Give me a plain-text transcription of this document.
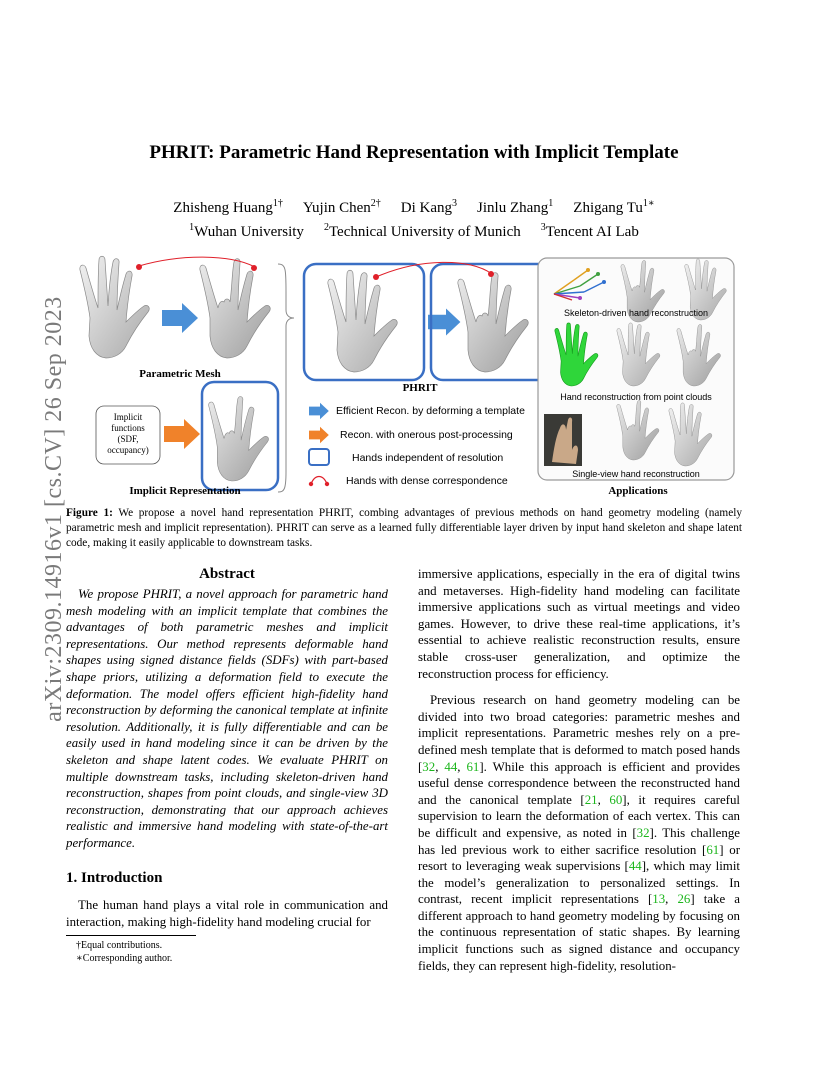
arXiv:2309.14916v1 [cs.CV] 26 Sep 2023
PHRIT: Parametric Hand Representation with Implicit Template
Zhisheng Huang$^{1\dagger}$ Yujin Chen$^{2\dagger}$ Di Kang$^3$ Jinlu Zhang$^1$ Zhigang $Tu^{1∗}$
$^1$Wuhan University $^2$Technical University of Munich $^3$Tencent AI Lab
Parametric Mesh
Implicit
functions
(SDF,
occupancy)
Implicit Representation
PHRIT
Efficient Recon. by deforming a template
Recon. with onerous post-processing
Hands independent of resolution
Hands with dense correspondence
Skeleton-driven hand reconstruction
Hand reconstruction from point clouds
Single-view hand reconstruction
Applications
Figure 1: We propose a novel hand representation PHRIT, combing advantages of previous methods on hand geometry modeling (namely parametric mesh and implicit representation). PHRIT can serve as a learned fully differentiable layer driven by input hand skeleton and shape latent code, making it easily applicable to downstream tasks.
Abstract

We propose PHRIT, a novel approach for parametric hand mesh modeling with an implicit template that combines the advantages of both parametric meshes and implicit representations. Our method represents deformable hand shapes using signed distance fields (SDFs) with part-based shape priors, utilizing a deformation field to execute the deformation. The model offers efficient high-fidelity hand reconstruction by deforming the canonical template at infinite resolution. Additionally, it is fully differentiable and can be easily used in hand modeling since it can be driven by the skeleton and shape latent codes. We evaluate PHRIT on multiple downstream tasks, including skeleton-driven hand reconstruction, shapes from point clouds, and single-view 3D reconstruction, demonstrating that our approach achieves realistic and immersive hand modeling with state-of-the-art performance.

1. Introduction

The human hand plays a vital role in communication and interaction, making high-fidelity hand modeling crucial for

†Equal contributions.
∗Corresponding author.

immersive applications, especially in the era of digital twins and metaverses. High-fidelity hand modeling can facilitate immersive applications such as virtual meetings and video games. However, to drive these real-time applications, it’s essential to achieve realistic reconstruction results, ensure stable cross-user generalization, and optimize the reconstruction process for efficiency.

Previous research on hand geometry modeling can be divided into two broad categories: parametric meshes and implicit representations. Parametric meshes rely on a pre-defined mesh template that is deformed to match posed hands [32, 44, 61]. While this approach is efficient and provides useful dense correspondence between the reconstructed hand and the canonical template [21, 60], it requires careful supervision to learn the deformation of each vertex. This can be difficult and expensive, as noted in [32]. This challenge has led previous work to either sacrifice resolution [61] or resort to leveraging weak supervisions [44], which may limit the model’s generalization to personalized settings. In contrast, recent implicit representations [13, 26] take a different approach to hand geometry modeling by focusing on the continuous representation of static shapes. By learning implicit functions such as signed distance and occupancy fields, they can represent high-fidelity, resolution-
